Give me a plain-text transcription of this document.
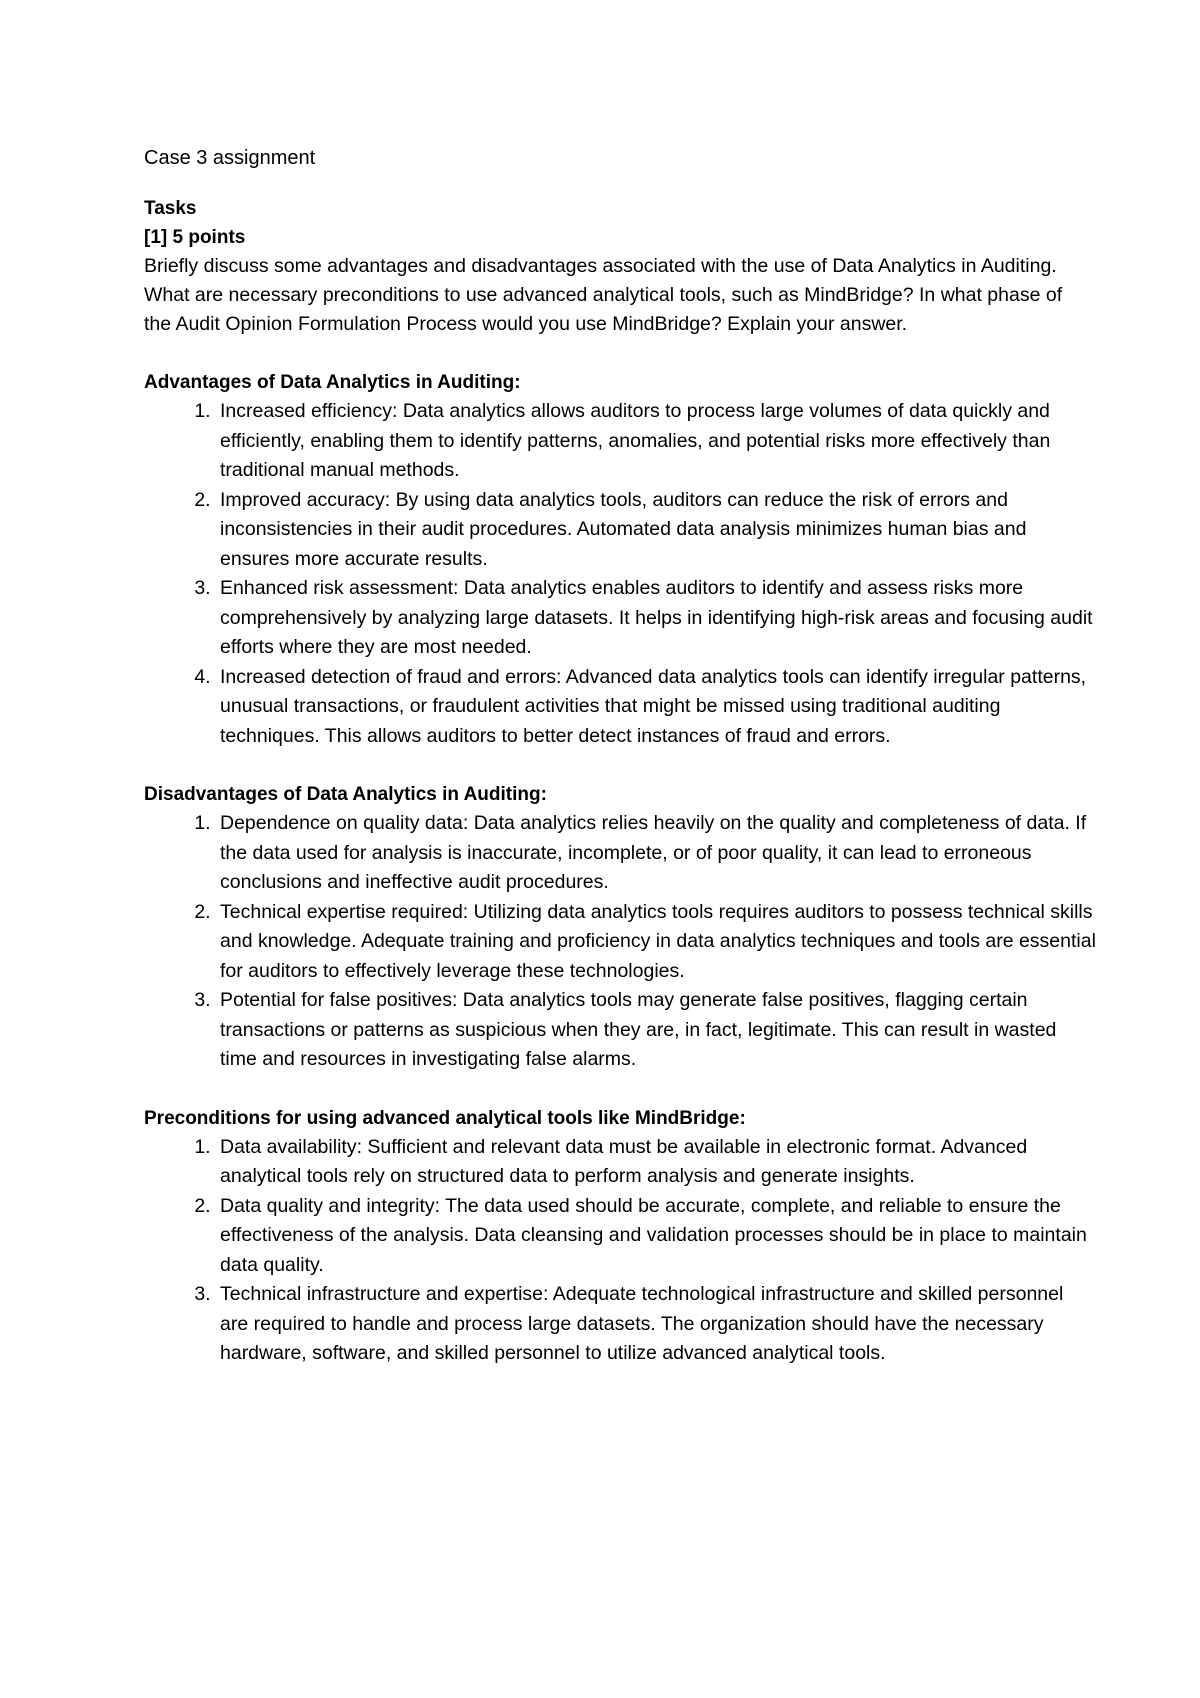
Case 3 assignment

Tasks

[1] 5 points

Briefly discuss some advantages and disadvantages associated with the use of Data Analytics in Auditing. What are necessary preconditions to use advanced analytical tools, such as MindBridge? In what phase of the Audit Opinion Formulation Process would you use MindBridge? Explain your answer.

Advantages of Data Analytics in Auditing:

1. Increased efficiency: Data analytics allows auditors to process large volumes of data quickly and efficiently, enabling them to identify patterns, anomalies, and potential risks more effectively than traditional manual methods.
2. Improved accuracy: By using data analytics tools, auditors can reduce the risk of errors and inconsistencies in their audit procedures. Automated data analysis minimizes human bias and ensures more accurate results.
3. Enhanced risk assessment: Data analytics enables auditors to identify and assess risks more comprehensively by analyzing large datasets. It helps in identifying high-risk areas and focusing audit efforts where they are most needed.
4. Increased detection of fraud and errors: Advanced data analytics tools can identify irregular patterns, unusual transactions, or fraudulent activities that might be missed using traditional auditing techniques. This allows auditors to better detect instances of fraud and errors.

Disadvantages of Data Analytics in Auditing:

1. Dependence on quality data: Data analytics relies heavily on the quality and completeness of data. If the data used for analysis is inaccurate, incomplete, or of poor quality, it can lead to erroneous conclusions and ineffective audit procedures.
2. Technical expertise required: Utilizing data analytics tools requires auditors to possess technical skills and knowledge. Adequate training and proficiency in data analytics techniques and tools are essential for auditors to effectively leverage these technologies.
3. Potential for false positives: Data analytics tools may generate false positives, flagging certain transactions or patterns as suspicious when they are, in fact, legitimate. This can result in wasted time and resources in investigating false alarms.

Preconditions for using advanced analytical tools like MindBridge:

1. Data availability: Sufficient and relevant data must be available in electronic format. Advanced analytical tools rely on structured data to perform analysis and generate insights.
2. Data quality and integrity: The data used should be accurate, complete, and reliable to ensure the effectiveness of the analysis. Data cleansing and validation processes should be in place to maintain data quality.
3. Technical infrastructure and expertise: Adequate technological infrastructure and skilled personnel are required to handle and process large datasets. The organization should have the necessary hardware, software, and skilled personnel to utilize advanced analytical tools.
